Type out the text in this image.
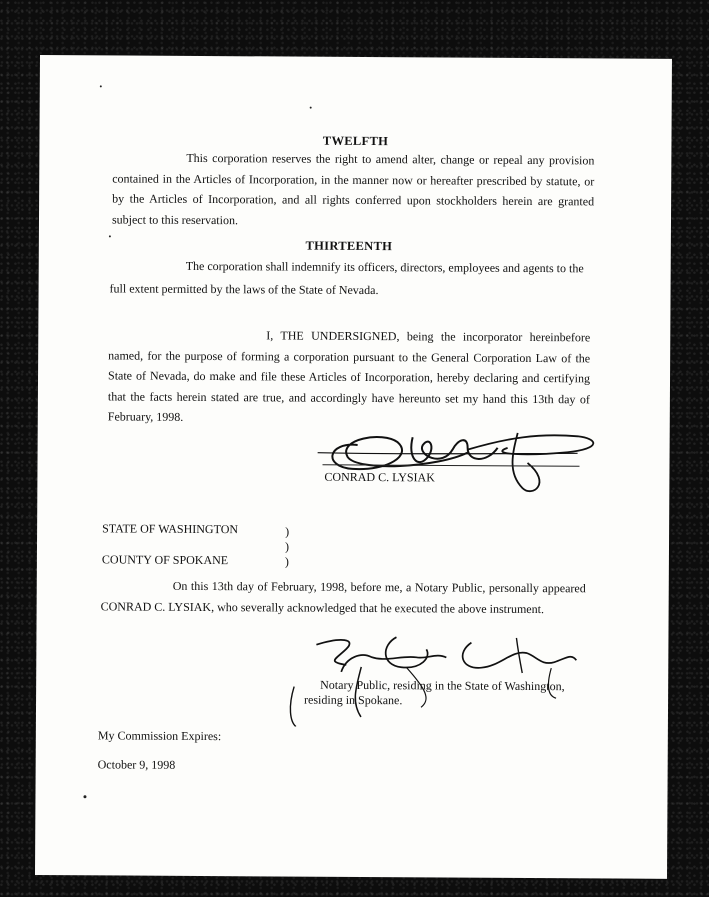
TWELFTH
This corporation reserves the right to amend alter, change or repeal any provision contained in the Articles of Incorporation, in the manner now or hereafter prescribed by statute, or by the Articles of Incorporation, and all rights conferred upon stockholders herein are granted subject to this reservation.
THIRTEENTH
The corporation shall indemnify its officers, directors, employees and agents to the
full extent permitted by the laws of the State of Nevada.
I, THE UNDERSIGNED, being the incorporator hereinbefore named, for the purpose of forming a corporation pursuant to the General Corporation Law of the State of Nevada, do make and file these Articles of Incorporation, hereby declaring and certifying that the facts herein stated are true, and accordingly have hereunto set my hand this 13th day of February, 1998.
CONRAD C. LYSIAK
STATE OF WASHINGTON
COUNTY OF SPOKANE
)
)
)
On this 13th day of February, 1998, before me, a Notary Public, personally appeared CONRAD C. LYSIAK, who severally acknowledged that he executed the above instrument.
Notary Public, residing in the State of Washington,
residing in Spokane.
My Commission Expires:
October 9, 1998
